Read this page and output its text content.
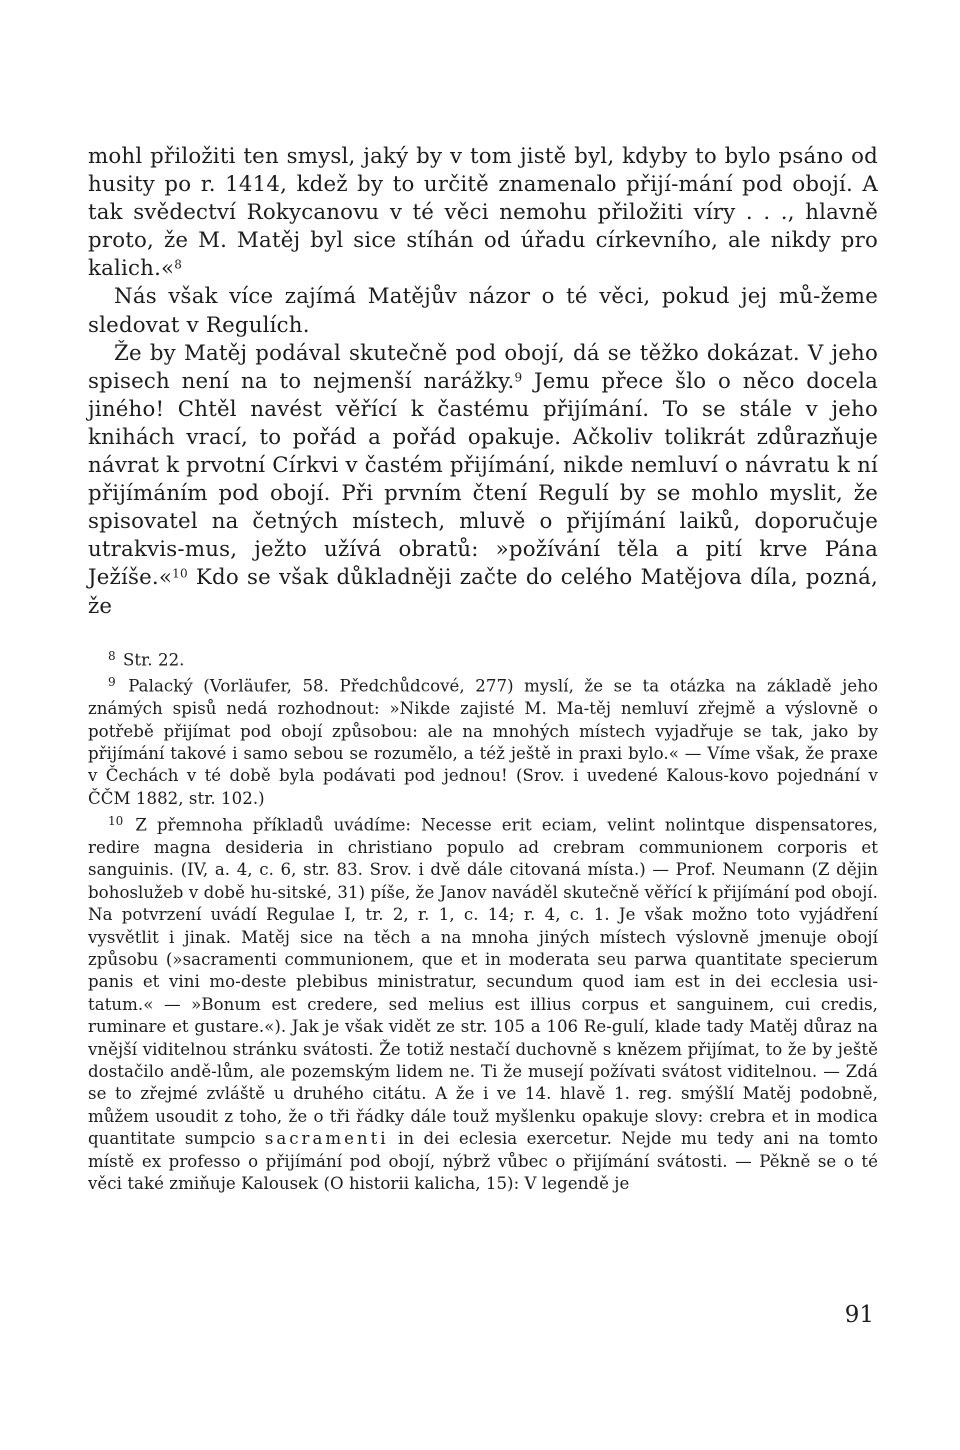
mohl přiložiti ten smysl, jaký by v tom jistě byl, kdyby to bylo psáno od husity po r. 1414, kdež by to určitě znamenalo přijí-mání pod obojí. A tak svědectví Rokycanovu v té věci nemohu přiložiti víry . . ., hlavně proto, že M. Matěj byl sice stíhán od úřadu církevního, ale nikdy pro kalich.«$^8$

Nás však více zajímá Matějův názor o té věci, pokud jej mů-žeme sledovat v Regulích.

Že by Matěj podával skutečně pod obojí, dá se těžko dokázat. V jeho spisech není na to nejmenší narážky.$^9$ Jemu přece šlo o něco docela jiného! Chtěl navést věřící k častému přijímání. To se stále v jeho knihách vrací, to pořád a pořád opakuje. Ačkoliv tolikrát zdůrazňuje návrat k prvotní Církvi v častém přijímání, nikde nemluví o návratu k ní přijímáním pod obojí. Při prvním čtení Regulí by se mohlo myslit, že spisovatel na četných místech, mluvě o přijímání laiků, doporučuje utrakvis-mus, ježto užívá obratů: »požívání těla a pití krve Pána Ježíše.«$^{10}$ Kdo se však důkladněji začte do celého Matějova díla, pozná, že

$^8$ Str. 22.

$^9$ Palacký (Vorläufer, 58. Předchůdcové, 277) myslí, že se ta otázka na základě jeho známých spisů nedá rozhodnout: »Nikde zajisté M. Ma-těj nemluví zřejmě a výslovně o potřebě přijímat pod obojí způsobou: ale na mnohých místech vyjadřuje se tak, jako by přijímání takové i samo sebou se rozumělo, a též ještě in praxi bylo.« — Víme však, že praxe v Čechách v té době byla podávati pod jednou! (Srov. i uvedené Kalous-kovo pojednání v ČČM 1882, str. 102.)

$^{10}$ Z přemnoha příkladů uvádíme: Necesse erit eciam, velint nolintque dispensatores, redire magna desideria in christiano populo ad crebram communionem corporis et sanguinis. (IV, a. 4, c. 6, str. 83. Srov. i dvě dále citovaná místa.) — Prof. Neumann (Z dějin bohoslužeb v době hu-sitské, 31) píše, že Janov naváděl skutečně věřící k přijímání pod obojí. Na potvrzení uvádí Regulae I, tr. 2, r. 1, c. 14; r. 4, c. 1. Je však možno toto vyjádření vysvětlit i jinak. Matěj sice na těch a na mnoha jiných místech výslovně jmenuje obojí způsobu (»sacramenti communionem, que et in moderata seu parwa quantitate specierum panis et vini mo-deste plebibus ministratur, secundum quod iam est in dei ecclesia usi-tatum.« — »Bonum est credere, sed melius est illius corpus et sanguinem, cui credis, ruminare et gustare.«). Jak je však vidět ze str. 105 a 106 Re-gulí, klade tady Matěj důraz na vnější viditelnou stránku svátosti. Že totiž nestačí duchovně s knězem přijímat, to že by ještě dostačilo andě-lům, ale pozemským lidem ne. Ti že musejí požívati svátost viditelnou. — Zdá se to zřejmé zvláště u druhého citátu. A že i ve 14. hlavě 1. reg. smýšlí Matěj podobně, můžem usoudit z toho, že o tři řádky dále touž myšlenku opakuje slovy: crebra et in modica quantitate sumpcio sacramenti in dei eclesia exercetur. Nejde mu tedy ani na tomto místě ex professo o přijímání pod obojí, nýbrž vůbec o přijímání svátosti. — Pěkně se o té věci také zmiňuje Kalousek (O historii kalicha, 15): V legendě je

91
